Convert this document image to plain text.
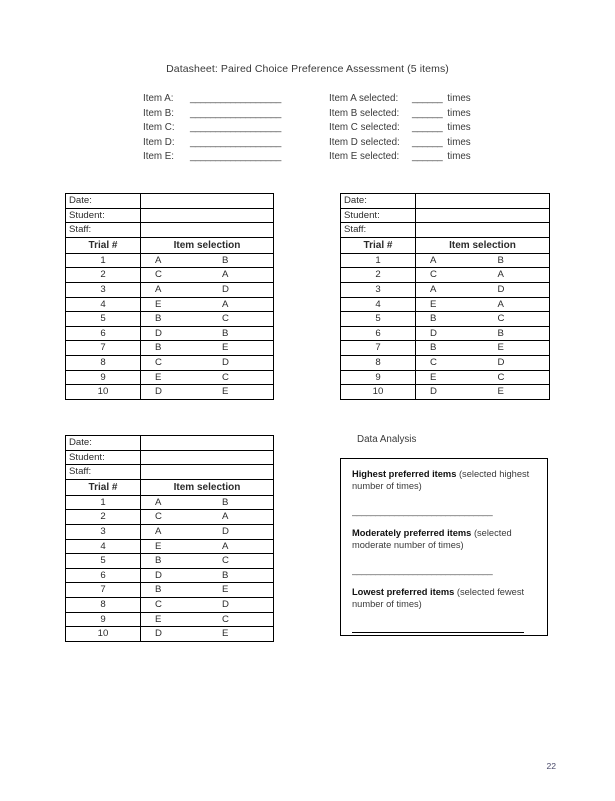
Datasheet: Paired Choice Preference Assessment (5 items)
Item A:	__________________	Item A selected:	______ times
Item B:	__________________	Item B selected:	______ times
Item C:	__________________	Item C selected:	______ times
Item D:	__________________	Item D selected:	______ times
Item E:	__________________	Item E selected:	______ times
Date:	
Student:	
Staff:	
Trial #	Item selection
1	A B

2	C A

3	A D

4	E A

5	B C

6	D B

7	B E

8	C D

9	E C

10	D E
Date:	
Student:	
Staff:	
Trial #	Item selection
1	A B

2	C A

3	A D

4	E A

5	B C

6	D B

7	B E

8	C D

9	E C

10	D E
Date:	
Student:	
Staff:	
Trial #	Item selection
1	A B

2	C A

3	A D

4	E A

5	B C

6	D B

7	B E

8	C D

9	E C

10	D E
Data Analysis
Highest preferred items (selected highest number of times)
______________________________
Moderately preferred items (selected moderate number of times)
______________________________
Lowest preferred items (selected fewest number of times)
22
